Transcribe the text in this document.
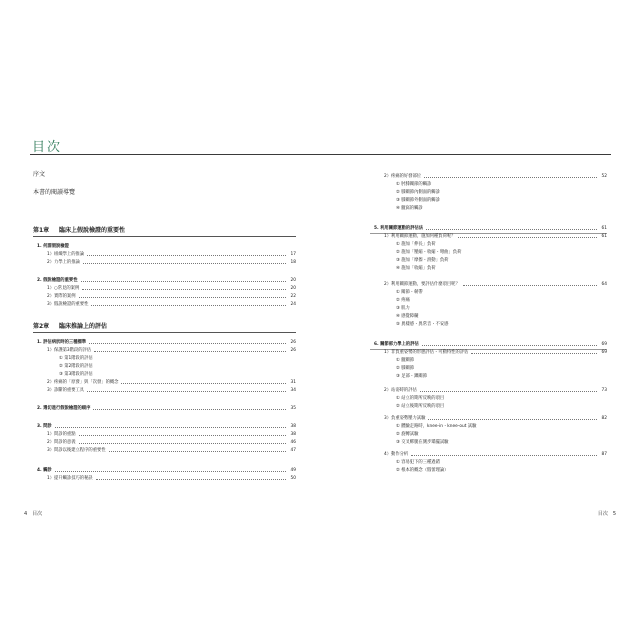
目次
序文
本書的閱讀導覽
第1章 臨床上假說檢證的重要性
1. 何謂假說檢證
1）組織學上的推論	17
2）力學上的推論	18
2. 假說檢證的重要性	20
1）○常見的案例	20
2）實際的案例	22
3）假說檢證的重要性	24
第2章 臨床推論上的評估
1. 評估病狀時的三種標準	26
1）保護第3階段的評估	26
① 第1階段的評估
② 第2階段的評估
③ 第3階段的評估
2）疼痛的「原發」與「次發」的概念	31
3）診斷的重要工具	34
2. 選切進行假說檢證的順序	35
3. 問診	38
1）問診的重點	38
2）問診的意義	46
3）問診以後建立程序的重要性	47
4. 觸診	49
1）提升觸診技巧的秘訣	50
2）疼痛的好發部位	52
① 肘膝關節的觸診
② 膝關節內側面的觸診
③ 膝關節外側面的觸診
④ 髖窩的觸診
5. 利用關節運動的評估法	61
1）利用關節運動，施加何種負荷呢？	61
① 施加「伸長」負荷
② 施加「壓縮・收縮・彎曲」負荷
③ 施加「摩擦・滑動」負荷
④ 施加「收縮」負荷
2）利用關節運動，要評估什麼項目呢？	64
① 關節・韌帶
② 疼痛
③ 肌力
④ 感覺障礙
⑤ 異樣感・異常音・不安感
6. 關節部力學上的評估	69
1）非負重姿勢的形態評估・可動特性的評估	69
① 髖關節
② 膝關節
③ 足部・踝關節
2）站姿時的評估	73
① 站立的期所反映的項目
② 站立後期所反映的項目
3）負重姿勢壓力試驗	82
① 體驗走路時，knee-in・knee-out 試驗
② 旋轉試驗
③ 交叉綁腿在側步矯擺試驗
4）動作分析	87
① 容易犯下的三種過錯
② 根本的概念（假蕾理論）
4　目次	目次　5
